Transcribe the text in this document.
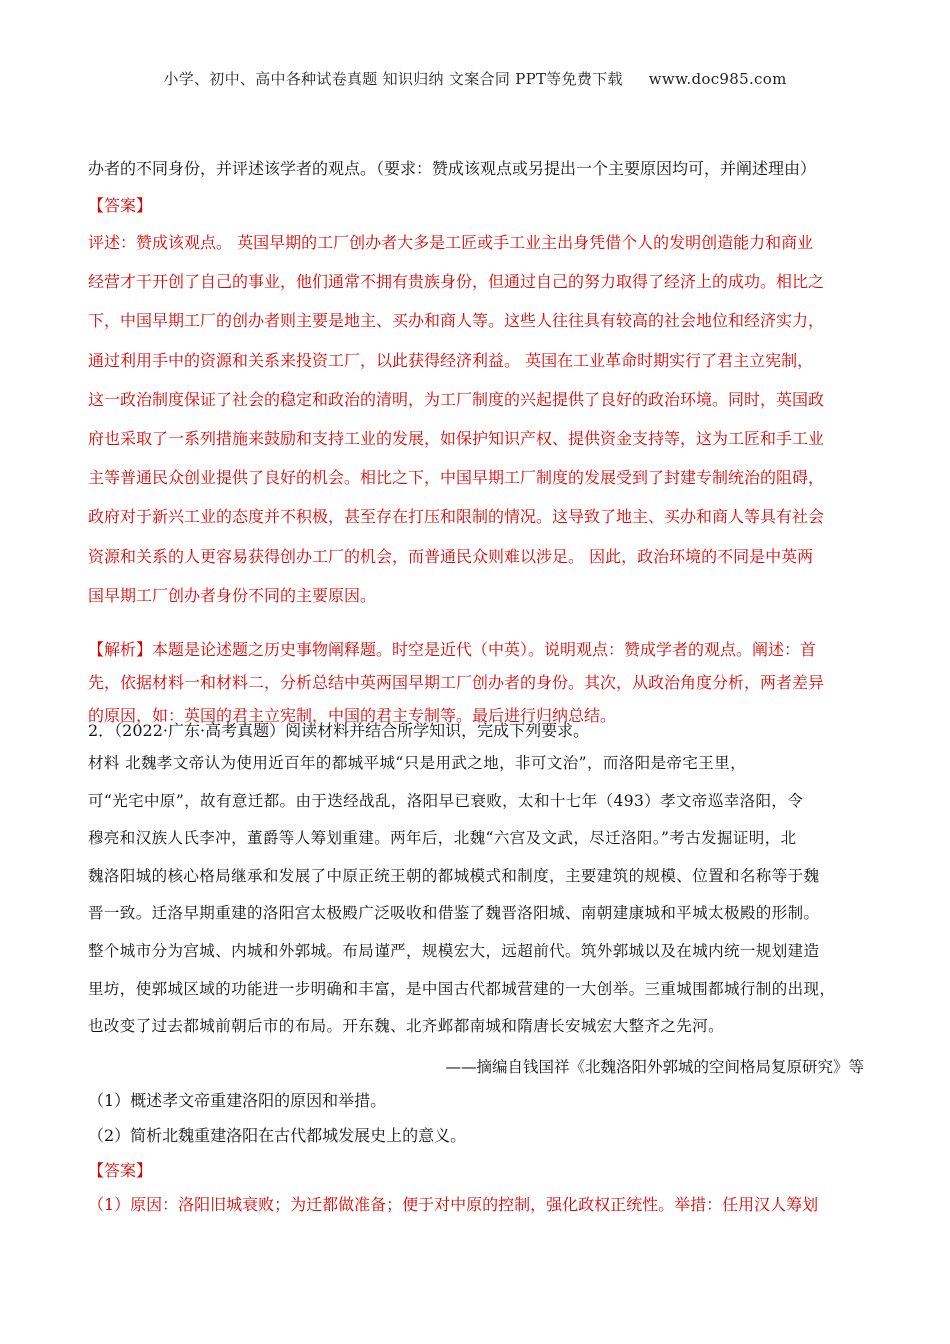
小学、初中、高中各种试卷真题 知识归纳 文案合同 PPT等免费下载 www.doc985.com
办者的不同身份，并评述该学者的观点。（要求：赞成该观点或另提出一个主要原因均可，并阐述理由）
【答案】
评述：赞成该观点。 英国早期的工厂创办者大多是工匠或手工业主出身凭借个人的发明创造能力和商业
经营才干开创了自己的事业，他们通常不拥有贵族身份，但通过自己的努力取得了经济上的成功。相比之
下，中国早期工厂的创办者则主要是地主、买办和商人等。这些人往往具有较高的社会地位和经济实力，
通过利用手中的资源和关系来投资工厂，以此获得经济利益。 英国在工业革命时期实行了君主立宪制，
这一政治制度保证了社会的稳定和政治的清明，为工厂制度的兴起提供了良好的政治环境。同时，英国政
府也采取了一系列措施来鼓励和支持工业的发展，如保护知识产权、提供资金支持等，这为工匠和手工业
主等普通民众创业提供了良好的机会。相比之下，中国早期工厂制度的发展受到了封建专制统治的阻碍，
政府对于新兴工业的态度并不积极，甚至存在打压和限制的情况。这导致了地主、买办和商人等具有社会
资源和关系的人更容易获得创办工厂的机会，而普通民众则难以涉足。 因此，政治环境的不同是中英两
国早期工厂创办者身份不同的主要原因。
【解析】本题是论述题之历史事物阐释题。时空是近代（中英）。说明观点：赞成学者的观点。阐述：首
先，依据材料一和材料二，分析总结中英两国早期工厂创办者的身份。其次，从政治角度分析，两者差异
的原因，如：英国的君主立宪制，中国的君主专制等。最后进行归纳总结。
2．（2022·广东·高考真题）阅读材料并结合所学知识，完成下列要求。
材料 北魏孝文帝认为使用近百年的都城平城“只是用武之地，非可文治”，而洛阳是帝宅王里，
可“光宅中原”，故有意迁都。由于迭经战乱，洛阳早已衰败，太和十七年（493）孝文帝巡幸洛阳，令
穆亮和汉族人氏李冲，董爵等人筹划重建。两年后，北魏“六宫及文武，尽迁洛阳。”考古发掘证明，北
魏洛阳城的核心格局继承和发展了中原正统王朝的都城模式和制度，主要建筑的规模、位置和名称等于魏
晋一致。迁洛早期重建的洛阳宫太极殿广泛吸收和借鉴了魏晋洛阳城、南朝建康城和平城太极殿的形制。
整个城市分为宫城、内城和外郭城。布局谨严，规模宏大，远超前代。筑外郭城以及在城内统一规划建造
里坊，使郭城区域的功能进一步明确和丰富，是中国古代都城营建的一大创举。三重城围都城行制的出现，
也改变了过去都城前朝后市的布局。开东魏、北齐邺都南城和隋唐长安城宏大整齐之先河。
——摘编自钱国祥《北魏洛阳外郭城的空间格局复原研究》等
（1）概述孝文帝重建洛阳的原因和举措。
（2）简析北魏重建洛阳在古代都城发展史上的意义。
【答案】
（1）原因：洛阳旧城衰败；为迁都做准备；便于对中原的控制，强化政权正统性。举措：任用汉人筹划
